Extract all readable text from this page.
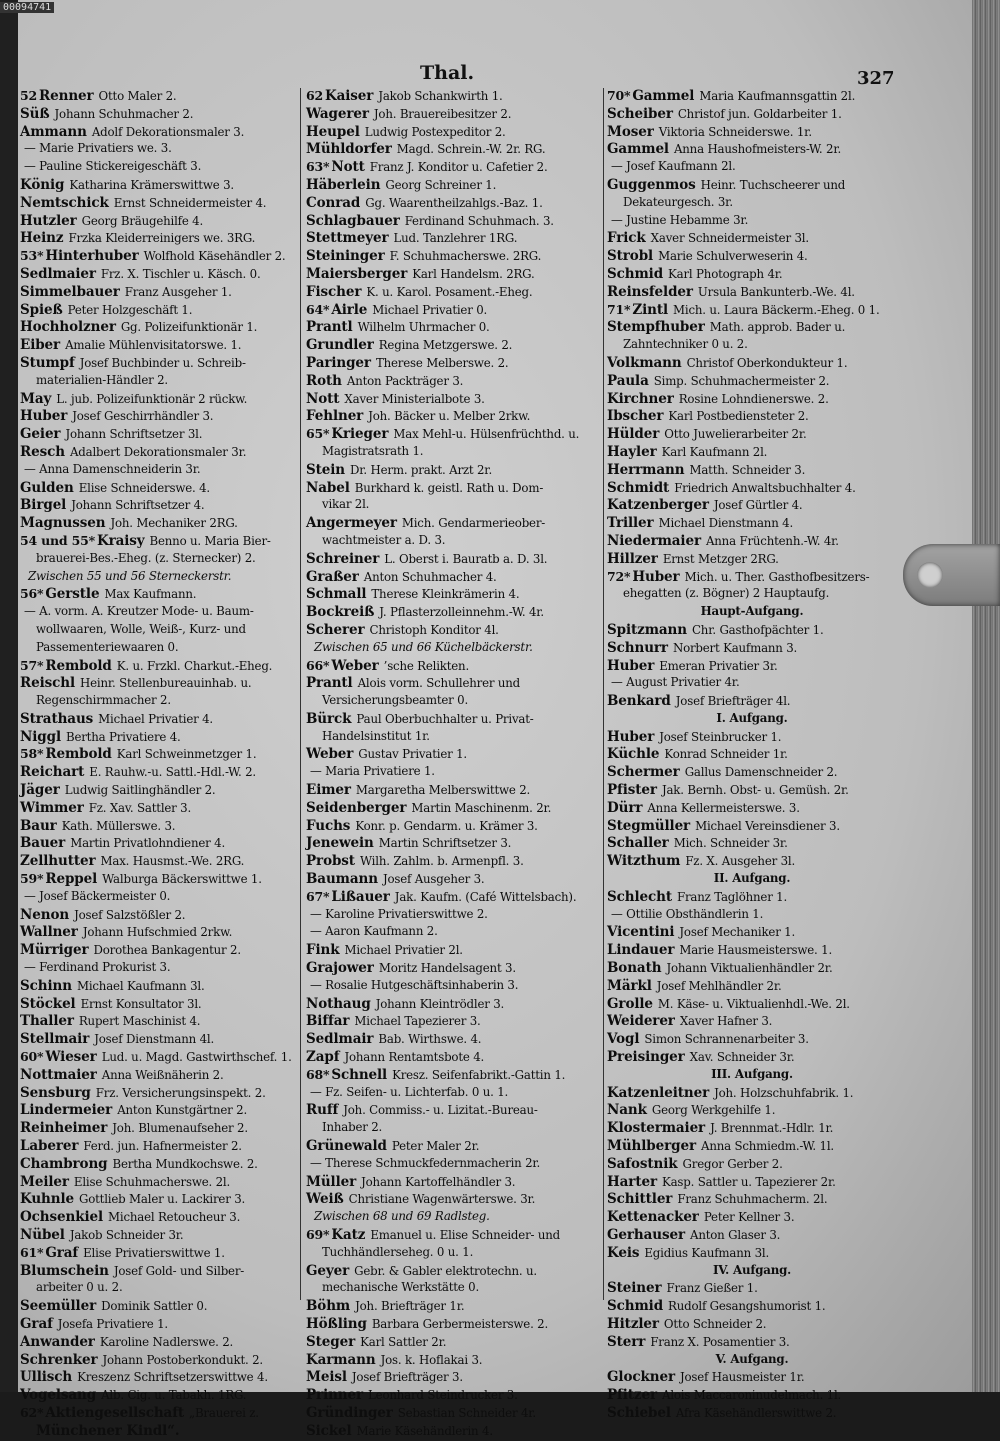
00094741
Thal.	327
52 Renner Otto Maler 2.
Süß Johann Schuhmacher 2.
Ammann Adolf Dekorationsmaler 3.
— Marie Privatiers we. 3.
— Pauline Stickereigeschäft 3.
König Katharina Krämerswittwe 3.
Nemtschick Ernst Schneidermeister 4.
Hutzler Georg Bräugehilfe 4.
Heinz Frzka Kleiderreinigers we. 3RG.
53* Hinterhuber Wolfhold Käsehändler 2.
Sedlmaier Frz. X. Tischler u. Käsch. 0.
Simmelbauer Franz Ausgeher 1.
Spieß Peter Holzgeschäft 1.
Hochholzner Gg. Polizeifunktionär 1.
Eiber Amalie Mühlenvisitatorswe. 1.
Stumpf Josef Buchbinder u. Schreib-
materialien-Händler 2.
May L. jub. Polizeifunktionär 2 rückw.
Huber Josef Geschirrhändler 3.
Geier Johann Schriftsetzer 3l.
Resch Adalbert Dekorationsmaler 3r.
— Anna Damenschneiderin 3r.
Gulden Elise Schneiderswe. 4.
Birgel Johann Schriftsetzer 4.
Magnussen Joh. Mechaniker 2RG.
54 und 55* Kraisy Benno u. Maria Bier-
brauerei-Bes.-Eheg. (z. Sternecker) 2.
Zwischen 55 und 56 Sterneckerstr.
56* Gerstle Max Kaufmann.
— A. vorm. A. Kreutzer Mode- u. Baum-
wollwaaren, Wolle, Weiß-, Kurz- und
Passementeriewaaren 0.
57* Rembold K. u. Frzkl. Charkut.-Eheg.
Reischl Heinr. Stellenbureauinhab. u.
Regenschirmmacher 2.
Strathaus Michael Privatier 4.
Niggl Bertha Privatiere 4.
58* Rembold Karl Schweinmetzger 1.
Reichart E. Rauhw.-u. Sattl.-Hdl.-W. 2.
Jäger Ludwig Saitlinghändler 2.
Wimmer Fz. Xav. Sattler 3.
Baur Kath. Müllerswe. 3.
Bauer Martin Privatlohndiener 4.
Zellhutter Max. Hausmst.-We. 2RG.
59* Reppel Walburga Bäckerswittwe 1.
— Josef Bäckermeister 0.
Nenon Josef Salzstößler 2.
Wallner Johann Hufschmied 2rkw.
Mürriger Dorothea Bankagentur 2.
— Ferdinand Prokurist 3.
Schinn Michael Kaufmann 3l.
Stöckel Ernst Konsultator 3l.
Thaller Rupert Maschinist 4.
Stellmair Josef Dienstmann 4l.
60* Wieser Lud. u. Magd. Gastwirthschef. 1.
Nottmaier Anna Weißnäherin 2.
Sensburg Frz. Versicherungsinspekt. 2.
Lindermeier Anton Kunstgärtner 2.
Reinheimer Joh. Blumenaufseher 2.
Laberer Ferd. jun. Hafnermeister 2.
Chambrong Bertha Mundkochswe. 2.
Meiler Elise Schuhmacherswe. 2l.
Kuhnle Gottlieb Maler u. Lackirer 3.
Ochsenkiel Michael Retoucheur 3.
Nübel Jakob Schneider 3r.
61* Graf Elise Privatierswittwe 1.
Blumschein Josef Gold- und Silber-
arbeiter 0 u. 2.
Seemüller Dominik Sattler 0.
Graf Josefa Privatiere 1.
Anwander Karoline Nadlerswe. 2.
Schrenker Johann Postoberkondukt. 2.
Ullisch Kreszenz Schriftsetzerswittwe 4.
Vogelsang Alb. Cig. u. Tabakh. 1RG.
62* Aktiengesellschaft „Brauerei z.
Münchener Kindl“.
62 Kaiser Jakob Schankwirth 1.
Wagerer Joh. Brauereibesitzer 2.
Heupel Ludwig Postexpeditor 2.
Mühldorfer Magd. Schrein.-W. 2r. RG.
63* Nott Franz J. Konditor u. Cafetier 2.
Häberlein Georg Schreiner 1.
Conrad Gg. Waarentheilzahlgs.-Baz. 1.
Schlagbauer Ferdinand Schuhmach. 3.
Stettmeyer Lud. Tanzlehrer 1RG.
Steininger F. Schuhmacherswe. 2RG.
Maiersberger Karl Handelsm. 2RG.
Fischer K. u. Karol. Posament.-Eheg.
64* Airle Michael Privatier 0.
Prantl Wilhelm Uhrmacher 0.
Grundler Regina Metzgerswe. 2.
Paringer Therese Melberswe. 2.
Roth Anton Packträger 3.
Nott Xaver Ministerialbote 3.
Fehlner Joh. Bäcker u. Melber 2rkw.
65* Krieger Max Mehl-u. Hülsenfrüchthd. u.
Magistratsrath 1.
Stein Dr. Herm. prakt. Arzt 2r.
Nabel Burkhard k. geistl. Rath u. Dom-
vikar 2l.
Angermeyer Mich. Gendarmerieober-
wachtmeister a. D. 3.
Schreiner L. Oberst i. Bauratb a. D. 3l.
Graßer Anton Schuhmacher 4.
Schmall Therese Kleinkrämerin 4.
Bockreiß J. Pflasterzolleinnehm.-W. 4r.
Scherer Christoph Konditor 4l.
Zwischen 65 und 66 Küchelbäckerstr.
66* Weber ’sche Relikten.
Prantl Alois vorm. Schullehrer und
Versicherungsbeamter 0.
Bürck Paul Oberbuchhalter u. Privat-
Handelsinstitut 1r.
Weber Gustav Privatier 1.
— Maria Privatiere 1.
Eimer Margaretha Melberswittwe 2.
Seidenberger Martin Maschinenm. 2r.
Fuchs Konr. p. Gendarm. u. Krämer 3.
Jenewein Martin Schriftsetzer 3.
Probst Wilh. Zahlm. b. Armenpfl. 3.
Baumann Josef Ausgeher 3.
67* Lißauer Jak. Kaufm. (Café Wittelsbach).
— Karoline Privatierswittwe 2.
— Aaron Kaufmann 2.
Fink Michael Privatier 2l.
Grajower Moritz Handelsagent 3.
— Rosalie Hutgeschäftsinhaberin 3.
Nothaug Johann Kleintrödler 3.
Biffar Michael Tapezierer 3.
Sedlmair Bab. Wirthswe. 4.
Zapf Johann Rentamtsbote 4.
68* Schnell Kresz. Seifenfabrikt.-Gattin 1.
— Fz. Seifen- u. Lichterfab. 0 u. 1.
Ruff Joh. Commiss.- u. Lizitat.-Bureau-
Inhaber 2.
Grünewald Peter Maler 2r.
— Therese Schmuckfedernmacherin 2r.
Müller Johann Kartoffelhändler 3.
Weiß Christiane Wagenwärterswe. 3r.
Zwischen 68 und 69 Radlsteg.
69* Katz Emanuel u. Elise Schneider- und
Tuchhändlerseheg. 0 u. 1.
Geyer Gebr. & Gabler elektrotechn. u.
mechanische Werkstätte 0.
Böhm Joh. Briefträger 1r.
Hößling Barbara Gerbermeisterswe. 2.
Steger Karl Sattler 2r.
Karmann Jos. k. Hoflakai 3.
Meisl Josef Briefträger 3.
Prinner Leonhard Steindrucker 3.
Gründinger Sebastian Schneider 4r.
Sickel Marie Käsehändlerin 4.
70* Gammel Maria Kaufmannsgattin 2l.
Scheiber Christof jun. Goldarbeiter 1.
Moser Viktoria Schneiderswe. 1r.
Gammel Anna Haushofmeisters-W. 2r.
— Josef Kaufmann 2l.
Guggenmos Heinr. Tuchscheerer und
Dekateurgesch. 3r.
— Justine Hebamme 3r.
Frick Xaver Schneidermeister 3l.
Strobl Marie Schulverweserin 4.
Schmid Karl Photograph 4r.
Reinsfelder Ursula Bankunterb.-We. 4l.
71* Zintl Mich. u. Laura Bäckerm.-Eheg. 0 1.
Stempfhuber Math. approb. Bader u.
Zahntechniker 0 u. 2.
Volkmann Christof Oberkondukteur 1.
Paula Simp. Schuhmachermeister 2.
Kirchner Rosine Lohndienerswe. 2.
Ibscher Karl Postbediensteter 2.
Hülder Otto Juwelierarbeiter 2r.
Hayler Karl Kaufmann 2l.
Herrmann Matth. Schneider 3.
Schmidt Friedrich Anwaltsbuchhalter 4.
Katzenberger Josef Gürtler 4.
Triller Michael Dienstmann 4.
Niedermaier Anna Früchtenh.-W. 4r.
Hillzer Ernst Metzger 2RG.
72* Huber Mich. u. Ther. Gasthofbesitzers-
ehegatten (z. Bögner) 2 Hauptaufg.
Haupt-Aufgang.
Spitzmann Chr. Gasthofpächter 1.
Schnurr Norbert Kaufmann 3.
Huber Emeran Privatier 3r.
— August Privatier 4r.
Benkard Josef Briefträger 4l.
I. Aufgang.
Huber Josef Steinbrucker 1.
Küchle Konrad Schneider 1r.
Schermer Gallus Damenschneider 2.
Pfister Jak. Bernh. Obst- u. Gemüsh. 2r.
Dürr Anna Kellermeisterswe. 3.
Stegmüller Michael Vereinsdiener 3.
Schaller Mich. Schneider 3r.
Witzthum Fz. X. Ausgeher 3l.
II. Aufgang.
Schlecht Franz Taglöhner 1.
— Ottilie Obsthändlerin 1.
Vicentini Josef Mechaniker 1.
Lindauer Marie Hausmeisterswe. 1.
Bonath Johann Viktualienhändler 2r.
Märkl Josef Mehlhändler 2r.
Grolle M. Käse- u. Viktualienhdl.-We. 2l.
Weiderer Xaver Hafner 3.
Vogl Simon Schrannenarbeiter 3.
Preisinger Xav. Schneider 3r.
III. Aufgang.
Katzenleitner Joh. Holzschuhfabrik. 1.
Nank Georg Werkgehilfe 1.
Klostermaier J. Brennmat.-Hdlr. 1r.
Mühlberger Anna Schmiedm.-W. 1l.
Safostnik Gregor Gerber 2.
Harter Kasp. Sattler u. Tapezierer 2r.
Schittler Franz Schuhmacherm. 2l.
Kettenacker Peter Kellner 3.
Gerhauser Anton Glaser 3.
Keis Egidius Kaufmann 3l.
IV. Aufgang.
Steiner Franz Gießer 1.
Schmid Rudolf Gesangshumorist 1.
Hitzler Otto Schneider 2.
Sterr Franz X. Posamentier 3.
V. Aufgang.
Glockner Josef Hausmeister 1r.
Pfitzer Alois Maccaroninudelmach. 1l.
Schiebel Afra Käsehändlerswittwe 2.
